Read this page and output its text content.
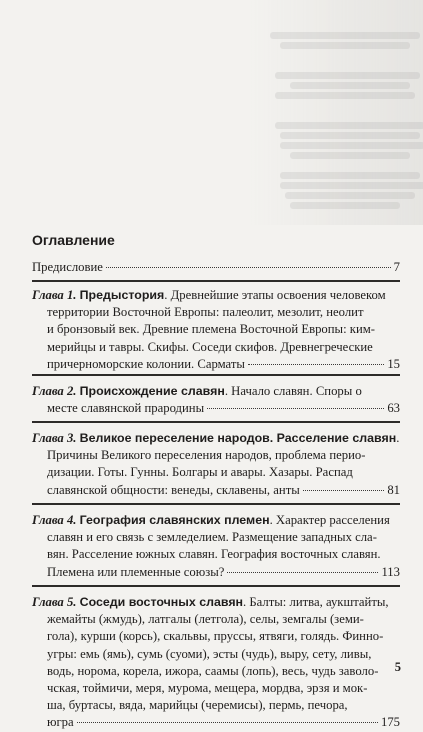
Оглавление
Предисловие	7
Глава 1. Предыстория. Древнейшие этапы освоения человеком
территории Восточной Европы: палеолит, мезолит, неолит
и бронзовый век. Древние племена Восточной Европы: ким-
мерийцы и тавры. Скифы. Соседи скифов. Древнегреческие
причерноморские колонии. Сарматы	15
Глава 2. Происхождение славян. Начало славян. Споры о
месте славянской прародины	63
Глава 3. Великое переселение народов. Расселение славян.
Причины Великого переселения народов, проблема перио-
дизации. Готы. Гунны. Болгары и авары. Хазары. Распад
славянской общности: венеды, склавены, анты	81
Глава 4. География славянских племен. Характер расселения
славян и его связь с земледелием. Размещение западных сла-
вян. Расселение южных славян. География восточных славян.
Племена или племенные союзы?	113
Глава 5. Соседи восточных славян. Балты: литва, аукштайты,
жемайты (жмудь), латгалы (летгола), селы, земгалы (земи-
гола), курши (корсь), скальвы, пруссы, ятвяги, голядь. Финно-
угры: емь (ямь), сумь (суоми), эсты (чудь), выру, сету, ливы,
водь, норома, корела, ижора, саамы (лопь), весь, чудь заволо-
чская, тоймичи, меря, мурома, мещера, мордва, эрзя и мок-
ша, буртасы, вяда, марийцы (черемисы), пермь, печора,
югра	175
5
